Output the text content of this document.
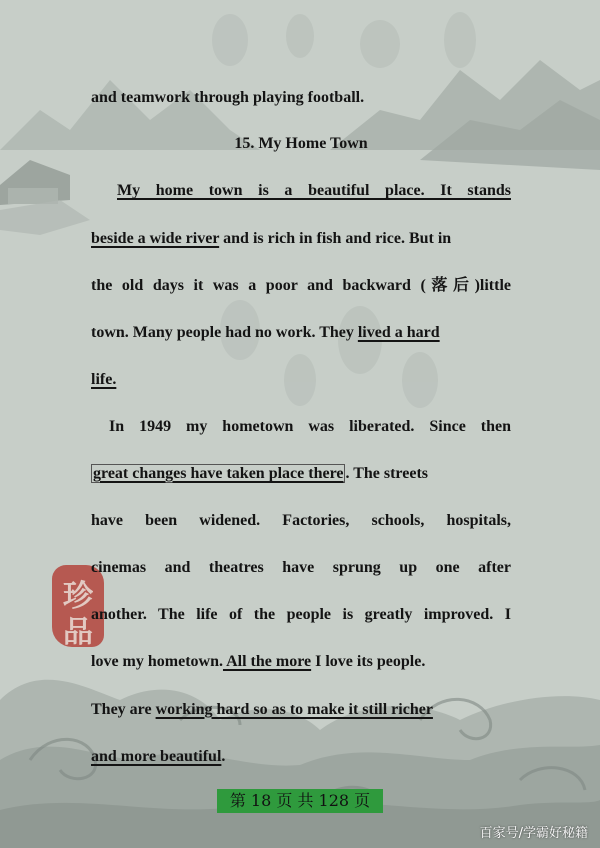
珍
品
and teamwork through playing football.
15. My Home Town
My home town is a beautiful place. It stands
beside a wide river and is rich in fish and rice. But in
the old days it was a poor and backward (落后)little
town. Many people had no work. They lived a hard
life.
In 1949 my hometown was liberated. Since then
great changes have taken place there . The streets
have been widened. Factories, schools, hospitals,
cinemas and theatres have sprung up one after
another. The life of the people is greatly improved. I
love my hometown. All the more I love its people.
They are working hard so as to make it still richer
and more beautiful.
第 18 页 共 128 页
百家号/学霸好秘籍
